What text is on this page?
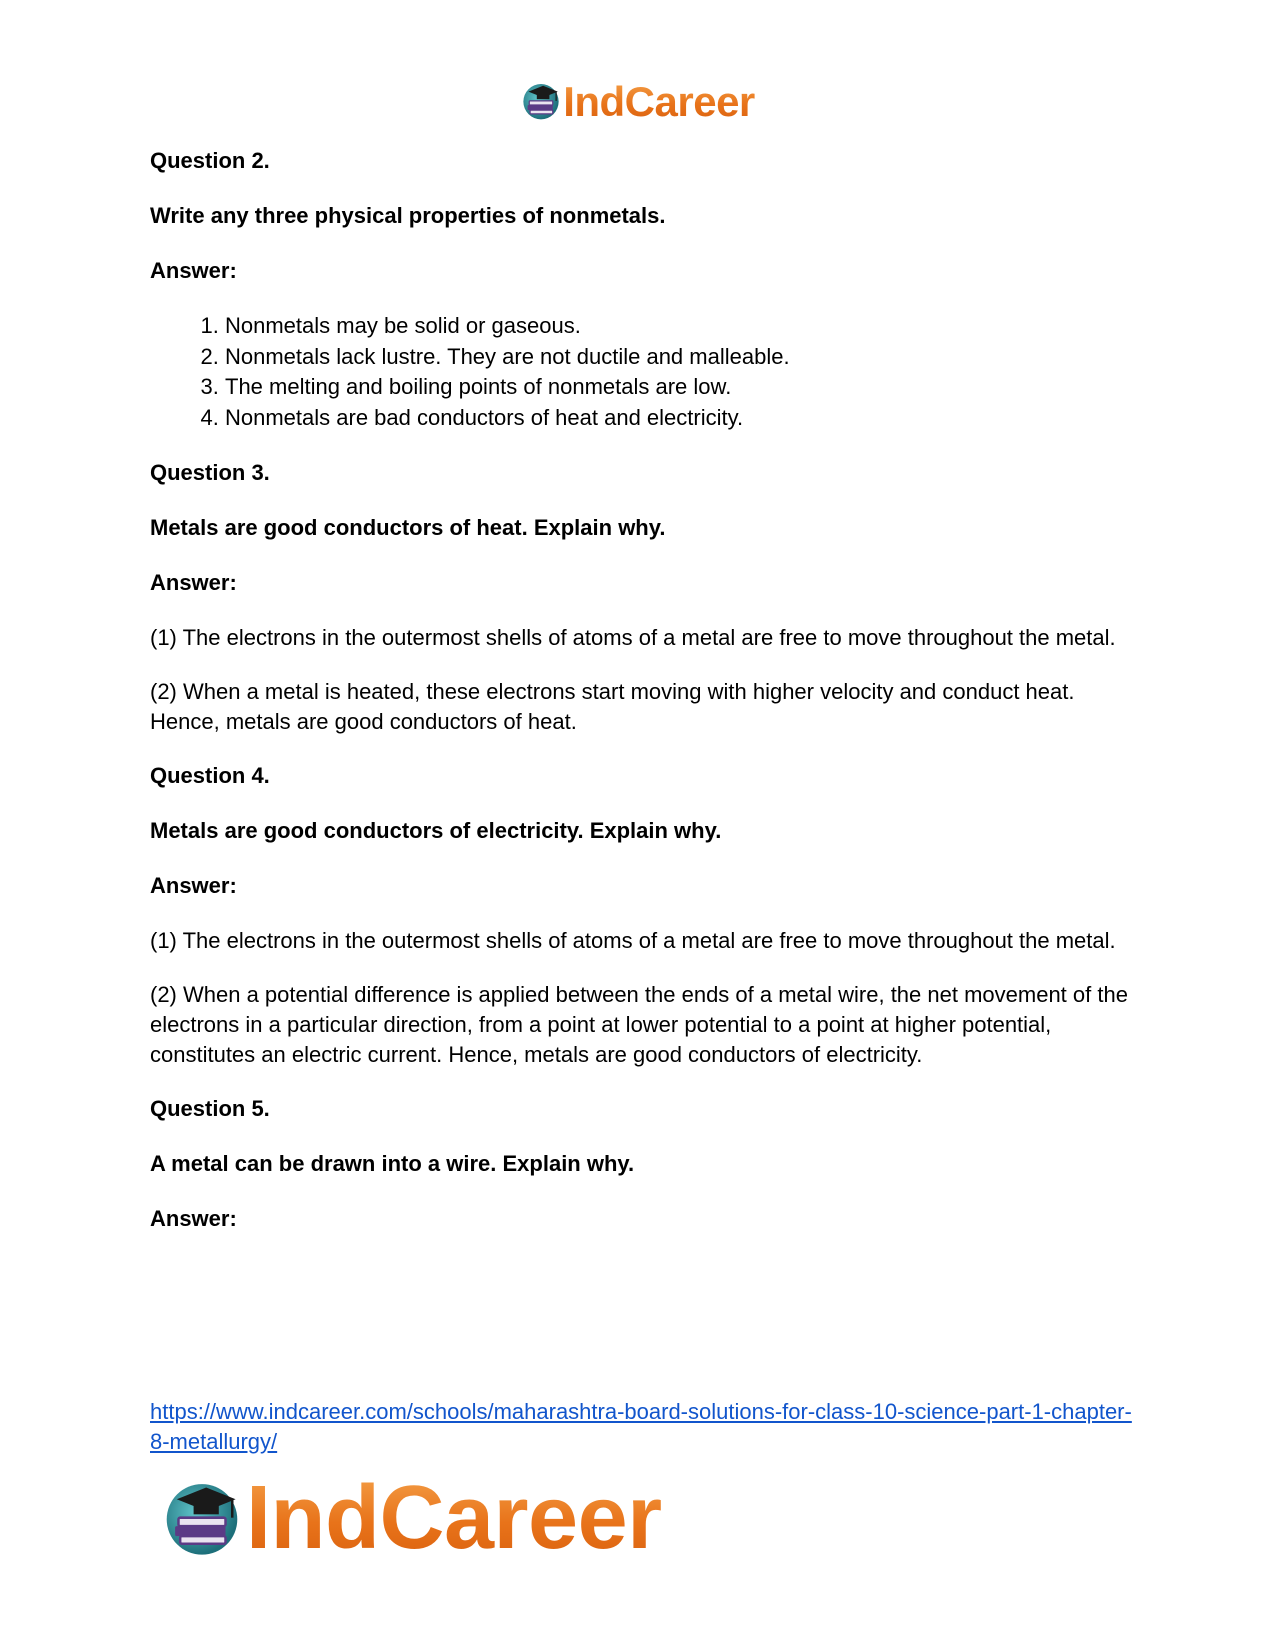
IndCareer

Question 2.

Write any three physical properties of nonmetals.

Answer:

1. Nonmetals may be solid or gaseous.
2. Nonmetals lack lustre. They are not ductile and malleable.
3. The melting and boiling points of nonmetals are low.
4. Nonmetals are bad conductors of heat and electricity.

Question 3.

Metals are good conductors of heat. Explain why.

Answer:

(1) The electrons in the outermost shells of atoms of a metal are free to move throughout the metal.

(2) When a metal is heated, these electrons start moving with higher velocity and conduct heat. Hence, metals are good conductors of heat.

Question 4.

Metals are good conductors of electricity. Explain why.

Answer:

(1) The electrons in the outermost shells of atoms of a metal are free to move throughout the metal.

(2) When a potential difference is applied between the ends of a metal wire, the net movement of the electrons in a particular direction, from a point at lower potential to a point at higher potential, constitutes an electric current. Hence, metals are good conductors of electricity.

Question 5.

A metal can be drawn into a wire. Explain why.

Answer:

https://www.indcareer.com/schools/maharashtra-board-solutions-for-class-10-science-part-1-chapter-8-metallurgy/
IndCareer
